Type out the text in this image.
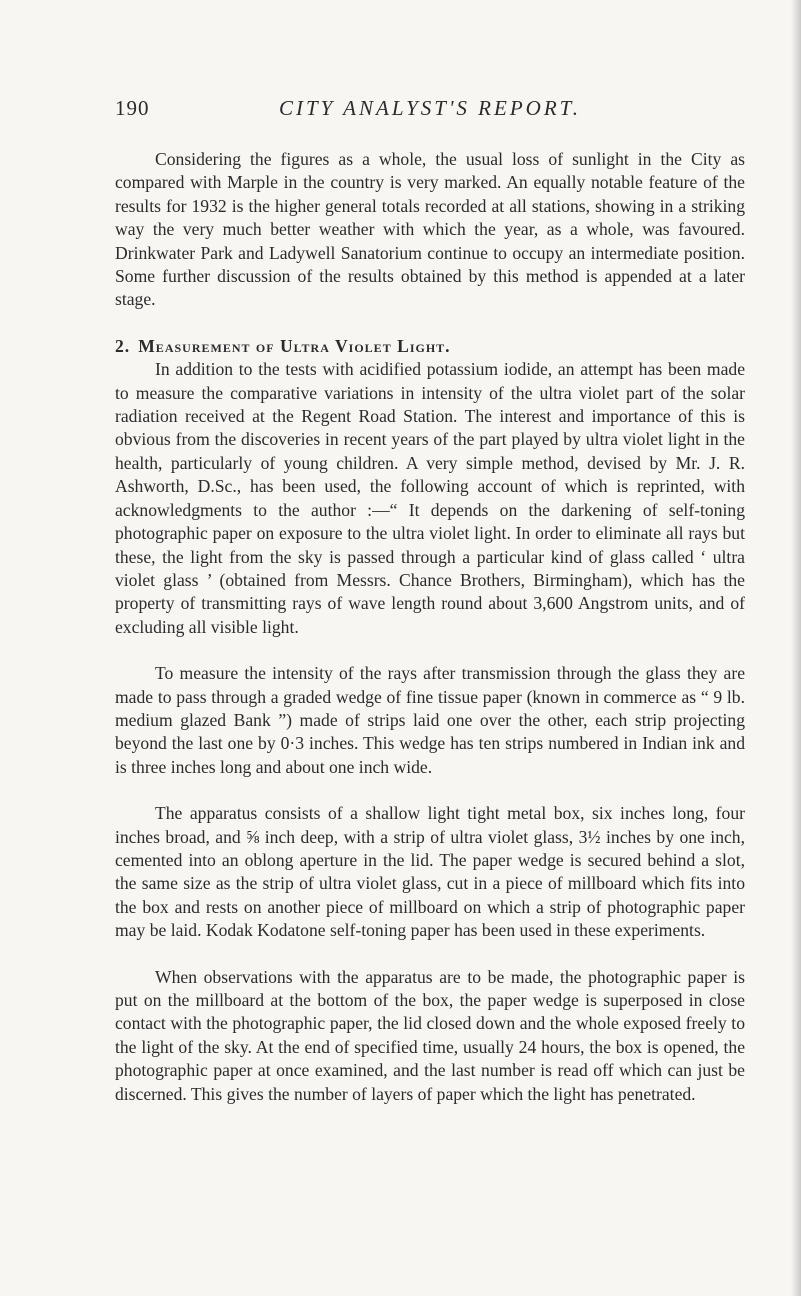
190	CITY ANALYST'S REPORT.

Considering the figures as a whole, the usual loss of sunlight in the City as compared with Marple in the country is very marked. An equally notable feature of the results for 1932 is the higher general totals recorded at all stations, showing in a striking way the very much better weather with which the year, as a whole, was favoured. Drinkwater Park and Ladywell Sanatorium continue to occupy an intermediate position. Some further discussion of the results obtained by this method is appended at a later stage.

2. Measurement of Ultra Violet Light.

In addition to the tests with acidified potassium iodide, an attempt has been made to measure the comparative variations in intensity of the ultra violet part of the solar radiation received at the Regent Road Station. The interest and importance of this is obvious from the discoveries in recent years of the part played by ultra violet light in the health, particularly of young children. A very simple method, devised by Mr. J. R. Ashworth, D.Sc., has been used, the following account of which is reprinted, with acknowledgments to the author :—“ It depends on the darkening of self-toning photographic paper on exposure to the ultra violet light. In order to eliminate all rays but these, the light from the sky is passed through a particular kind of glass called ‘ ultra violet glass ’ (obtained from Messrs. Chance Brothers, Birmingham), which has the property of transmitting rays of wave length round about 3,600 Angstrom units, and of excluding all visible light.

To measure the intensity of the rays after transmission through the glass they are made to pass through a graded wedge of fine tissue paper (known in commerce as “ 9 lb. medium glazed Bank ”) made of strips laid one over the other, each strip projecting beyond the last one by 0·3 inches. This wedge has ten strips numbered in Indian ink and is three inches long and about one inch wide.

The apparatus consists of a shallow light tight metal box, six inches long, four inches broad, and ⅝ inch deep, with a strip of ultra violet glass, 3½ inches by one inch, cemented into an oblong aperture in the lid. The paper wedge is secured behind a slot, the same size as the strip of ultra violet glass, cut in a piece of millboard which fits into the box and rests on another piece of millboard on which a strip of photographic paper may be laid. Kodak Kodatone self-toning paper has been used in these experiments.

When observations with the apparatus are to be made, the photographic paper is put on the millboard at the bottom of the box, the paper wedge is superposed in close contact with the photographic paper, the lid closed down and the whole exposed freely to the light of the sky. At the end of specified time, usually 24 hours, the box is opened, the photographic paper at once examined, and the last number is read off which can just be discerned. This gives the number of layers of paper which the light has penetrated.
